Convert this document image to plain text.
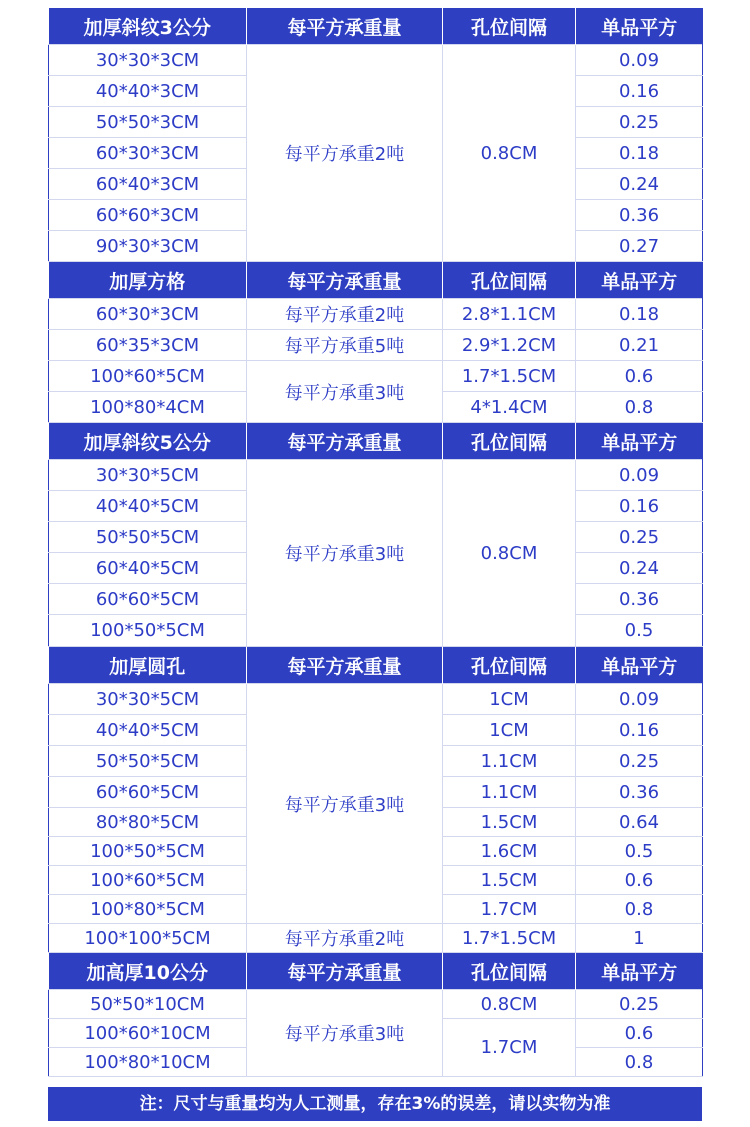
加厚斜纹3公分	每平方承重量	孔位间隔	单品平方
30*30*3CM	每平方承重2吨	0.8CM	0.09
40*40*3CM			0.16
50*50*3CM			0.25
60*30*3CM			0.18
60*40*3CM			0.24
60*60*3CM			0.36
90*30*3CM			0.27
加厚方格	每平方承重量	孔位间隔	单品平方
60*30*3CM	每平方承重2吨	2.8*1.1CM	0.18
60*35*3CM	每平方承重5吨	2.9*1.2CM	0.21
100*60*5CM	每平方承重3吨	1.7*1.5CM	0.6
100*80*4CM		4*1.4CM	0.8
加厚斜纹5公分	每平方承重量	孔位间隔	单品平方
30*30*5CM	每平方承重3吨	0.8CM	0.09
40*40*5CM			0.16
50*50*5CM			0.25
60*40*5CM			0.24
60*60*5CM			0.36
100*50*5CM			0.5
加厚圆孔	每平方承重量	孔位间隔	单品平方
30*30*5CM	每平方承重3吨	1CM	0.09
40*40*5CM		1CM	0.16
50*50*5CM		1.1CM	0.25
60*60*5CM		1.1CM	0.36
80*80*5CM		1.5CM	0.64
100*50*5CM		1.6CM	0.5
100*60*5CM		1.5CM	0.6
100*80*5CM		1.7CM	0.8
100*100*5CM	每平方承重2吨	1.7*1.5CM	1
加高厚10公分	每平方承重量	孔位间隔	单品平方
50*50*10CM	每平方承重3吨	0.8CM	0.25
100*60*10CM		1.7CM	0.6
100*80*10CM			0.8
注：尺寸与重量均为人工测量，存在3%的误差，请以实物为准
